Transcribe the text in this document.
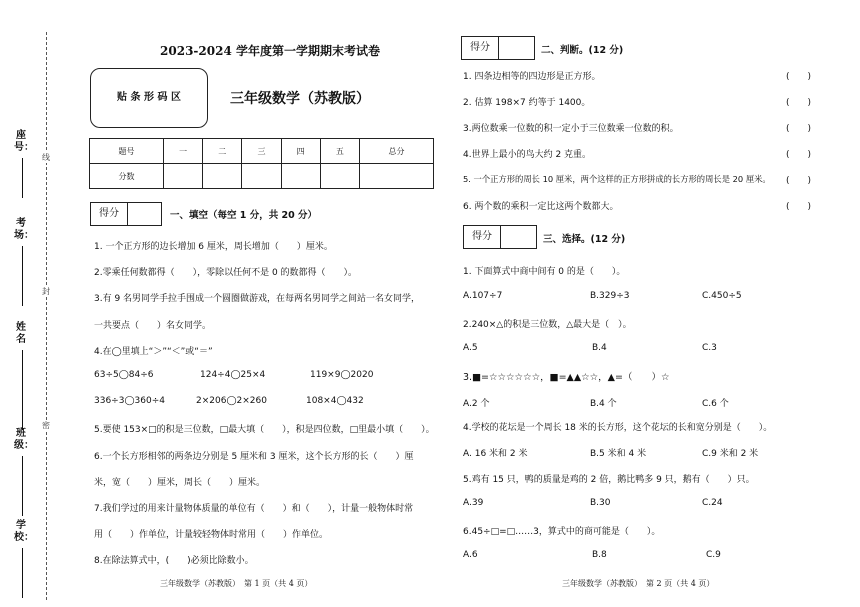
座号：
考场：
姓名
班级：
学校：
线
封
密
2023-2024 学年度第一学期期末考试卷
贴 条 形 码 区	三年级数学（苏教版）
题号	一	二	三	四	五	总分
分数						
得分	一、填空（每空 1 分，共 20 分）
1. 一个正方形的边长增加 6 厘米，周长增加（　　）厘米。
2.零乘任何数都得（　　），零除以任何不是 0 的数都得（　　）。
3.有 9 名男同学手拉手围成一个圆圈做游戏，在每两名男同学之间站一名女同学，
一共要点（　　）名女同学。
4.在◯里填上“＞”“＜”或“＝”
63÷5◯84÷6	124÷4◯25×4	119×9◯2020
336÷3◯360÷4	2×206◯2×260	108×4◯432
5.要使 153×□的积是三位数，□最大填（　　），积是四位数，□里最小填（　　）。
6.一个长方形相邻的两条边分别是 5 厘米和 3 厘米，这个长方形的长（　　）厘
米，宽（　　）厘米，周长（　　）厘米。
7.我们学过的用来计量物体质量的单位有（　　）和（　　），计量一般物体时常
用（　　）作单位，计量较轻物体时常用（　　）作单位。
8.在除法算式中，(　　)必须比除数小。
三年级数学（苏教版）　第 1 页（共 4 页）
得分	二、判断。(12 分)
1. 四条边相等的四边形是正方形。	(　　)
2. 估算 198×7 约等于 1400。	(　　)
3.两位数乘一位数的积一定小于三位数乘一位数的积。	(　　)
4.世界上最小的鸟大约 2 克重。	(　　)
5. 一个正方形的周长 10 厘米，两个这样的正方形拼成的长方形的周长是 20 厘米。 (　　)
6. 两个数的乘积一定比这两个数都大。	(　　)
得分	三、选择。(12 分)
1. 下面算式中商中间有 0 的是（　　）。
A.107÷7	B.329÷3	C.450÷5
2.240×△的积是三位数，△最大是（　）。
A.5	B.4	C.3
3.■=☆☆☆☆☆☆，■=▲▲☆☆，▲=（　　）☆
A.2 个	B.4 个	C.6 个
4.学校的花坛是一个周长 18 米的长方形，这个花坛的长和宽分别是（　　）。
A. 16 米和 2 米	B.5 米和 4 米	C.9 米和 2 米
5.鸡有 15 只，鸭的质量是鸡的 2 倍，鹅比鸭多 9 只，鹅有（　　）只。
A.39	B.30	C.24
6.45÷□=□……3，算式中的商可能是（　　）。
A.6	B.8	C.9
三年级数学（苏教版）　第 2 页（共 4 页）
